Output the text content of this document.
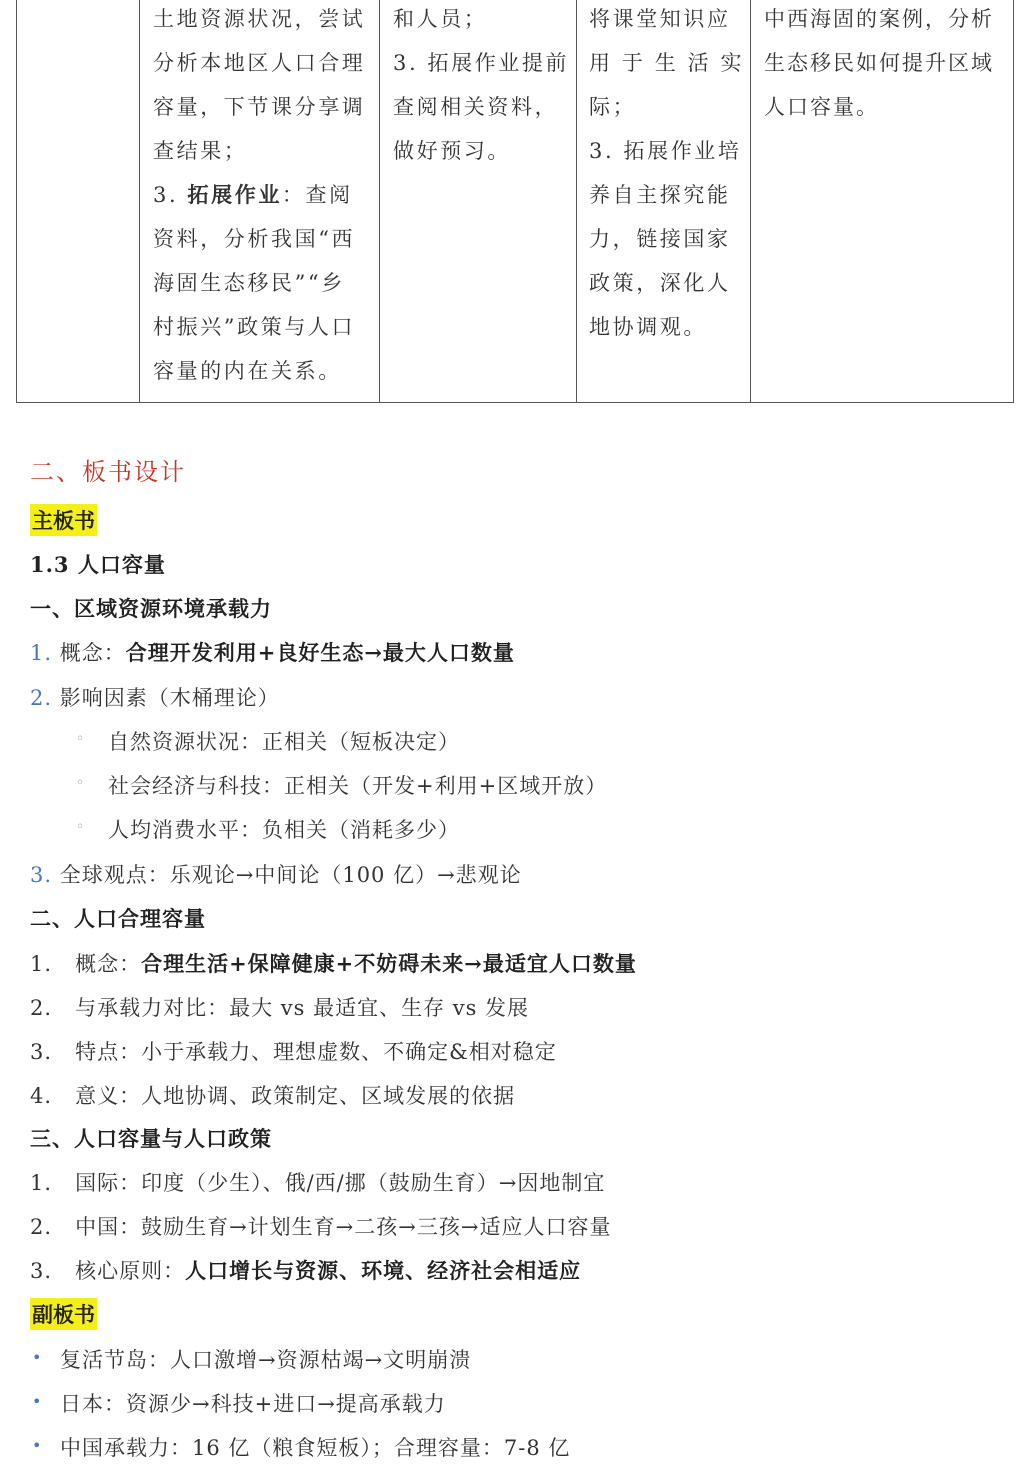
土地资源状况，尝试
分析本地区人口合理
容量，下节课分享调
查结果；
3. 拓展作业：查阅
资料，分析我国“西
海固生态移民”“乡
村振兴”政策与人口
容量的内在关系。
和人员；
3. 拓展作业提前
查阅相关资料，
做好预习。
将课堂知识应
用 于 生 活 实
际；
3. 拓展作业培
养自主探究能
力，链接国家
政策，深化人
地协调观。
中西海固的案例，分析
生态移民如何提升区域
人口容量。
二、板书设计
主板书
1.3 人口容量
一、区域资源环境承载力
1. 概念：合理开发利用+良好生态→最大人口数量
2. 影响因素（木桶理论）
◦ 自然资源状况：正相关（短板决定）
◦ 社会经济与科技：正相关（开发+利用+区域开放）
◦ 人均消费水平：负相关（消耗多少）
3. 全球观点：乐观论→中间论（100 亿）→悲观论
二、人口合理容量
1. 概念：合理生活+保障健康+不妨碍未来→最适宜人口数量
2. 与承载力对比：最大 vs 最适宜、生存 vs 发展
3. 特点：小于承载力、理想虚数、不确定&相对稳定
4. 意义：人地协调、政策制定、区域发展的依据
三、人口容量与人口政策
1. 国际：印度（少生）、俄/西/挪（鼓励生育）→因地制宜
2. 中国：鼓励生育→计划生育→二孩→三孩→适应人口容量
3. 核心原则：人口增长与资源、环境、经济社会相适应
副板书
• 复活节岛：人口激增→资源枯竭→文明崩溃
• 日本：资源少→科技+进口→提高承载力
• 中国承载力：16 亿（粮食短板）；合理容量：7-8 亿
